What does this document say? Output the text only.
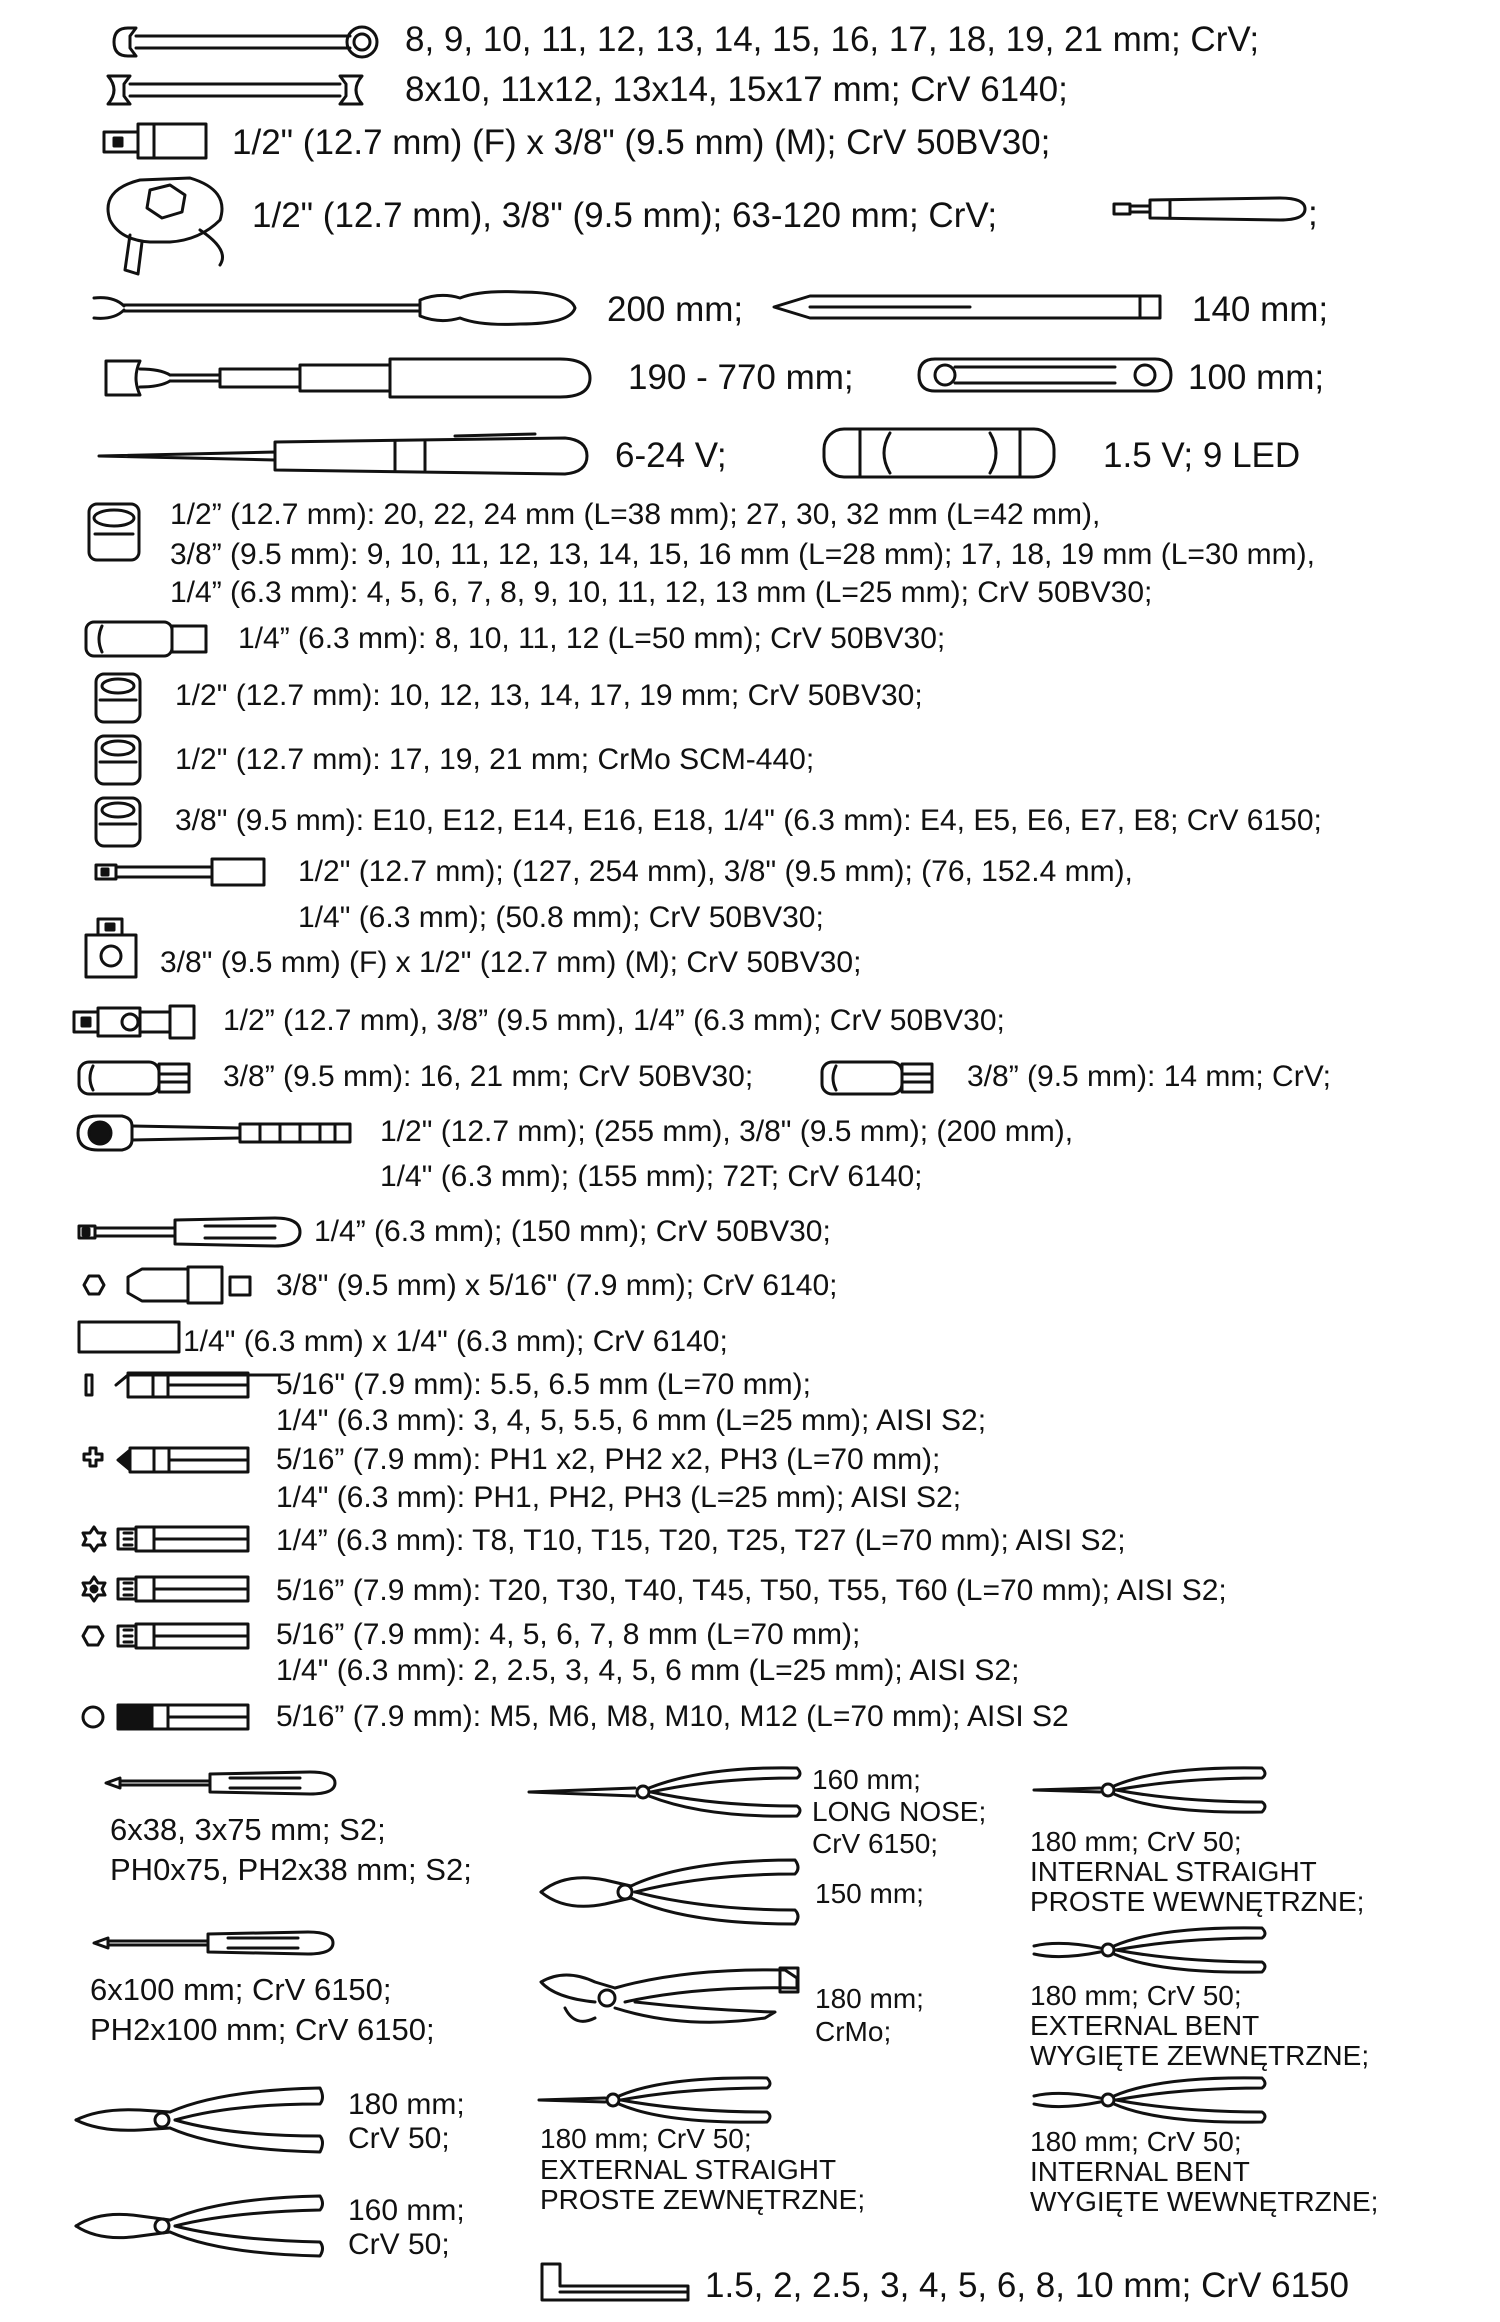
8, 9, 10, 11, 12, 13, 14, 15, 16, 17, 18, 19, 21 mm; CrV;
8x10, 11x12, 13x14, 15x17 mm; CrV 6140;
1/2" (12.7 mm) (F) x 3/8" (9.5 mm) (M); CrV 50BV30;
1/2" (12.7 mm), 3/8" (9.5 mm); 63-120 mm; CrV;	;
200 mm;	140 mm;
190 - 770 mm;	100 mm;
6-24 V;	1.5 V; 9 LED
1/2” (12.7 mm): 20, 22, 24 mm (L=38 mm); 27, 30, 32 mm (L=42 mm),
3/8” (9.5 mm): 9, 10, 11, 12, 13, 14, 15, 16 mm (L=28 mm); 17, 18, 19 mm (L=30 mm),
1/4” (6.3 mm): 4, 5, 6, 7, 8, 9, 10, 11, 12, 13 mm (L=25 mm); CrV 50BV30;
1/4” (6.3 mm): 8, 10, 11, 12 (L=50 mm); CrV 50BV30;
1/2" (12.7 mm): 10, 12, 13, 14, 17, 19 mm; CrV 50BV30;
1/2" (12.7 mm): 17, 19, 21 mm; CrMo SCM-440;
3/8" (9.5 mm): E10, E12, E14, E16, E18, 1/4" (6.3 mm): E4, E5, E6, E7, E8; CrV 6150;
1/2" (12.7 mm); (127, 254 mm), 3/8" (9.5 mm); (76, 152.4 mm),
1/4" (6.3 mm); (50.8 mm); CrV 50BV30;
3/8" (9.5 mm) (F) x 1/2" (12.7 mm) (M); CrV 50BV30;
1/2” (12.7 mm), 3/8” (9.5 mm), 1/4” (6.3 mm); CrV 50BV30;
3/8” (9.5 mm): 16, 21 mm; CrV 50BV30;	3/8” (9.5 mm): 14 mm; CrV;
1/2" (12.7 mm); (255 mm), 3/8" (9.5 mm); (200 mm),
1/4" (6.3 mm); (155 mm); 72T; CrV 6140;
1/4” (6.3 mm); (150 mm); CrV 50BV30;
3/8" (9.5 mm) x 5/16" (7.9 mm); CrV 6140;
1/4" (6.3 mm) x 1/4" (6.3 mm); CrV 6140;
5/16" (7.9 mm): 5.5, 6.5 mm (L=70 mm);
1/4" (6.3 mm): 3, 4, 5, 5.5, 6 mm (L=25 mm); AISI S2;
5/16” (7.9 mm): PH1 x2, PH2 x2, PH3 (L=70 mm);
1/4" (6.3 mm): PH1, PH2, PH3 (L=25 mm); AISI S2;
1/4” (6.3 mm): T8, T10, T15, T20, T25, T27 (L=70 mm); AISI S2;
5/16” (7.9 mm): T20, T30, T40, T45, T50, T55, T60 (L=70 mm); AISI S2;
5/16” (7.9 mm): 4, 5, 6, 7, 8 mm (L=70 mm);
1/4" (6.3 mm): 2, 2.5, 3, 4, 5, 6 mm (L=25 mm); AISI S2;
5/16” (7.9 mm): M5, M6, M8, M10, M12 (L=70 mm); AISI S2
6x38, 3x75 mm; S2;
PH0x75, PH2x38 mm; S2;
6x100 mm; CrV 6150;
PH2x100 mm; CrV 6150;
180 mm;
CrV 50;
160 mm;
CrV 50;
160 mm;
LONG NOSE;
CrV 6150;
150 mm;
180 mm;
CrMo;
180 mm; CrV 50;
EXTERNAL STRAIGHT
PROSTE ZEWNĘTRZNE;
180 mm; CrV 50;
INTERNAL STRAIGHT
PROSTE WEWNĘTRZNE;
180 mm; CrV 50;
EXTERNAL BENT
WYGIĘTE ZEWNĘTRZNE;
180 mm; CrV 50;
INTERNAL BENT
WYGIĘTE WEWNĘTRZNE;
1.5, 2, 2.5, 3, 4, 5, 6, 8, 10 mm; CrV 6150
